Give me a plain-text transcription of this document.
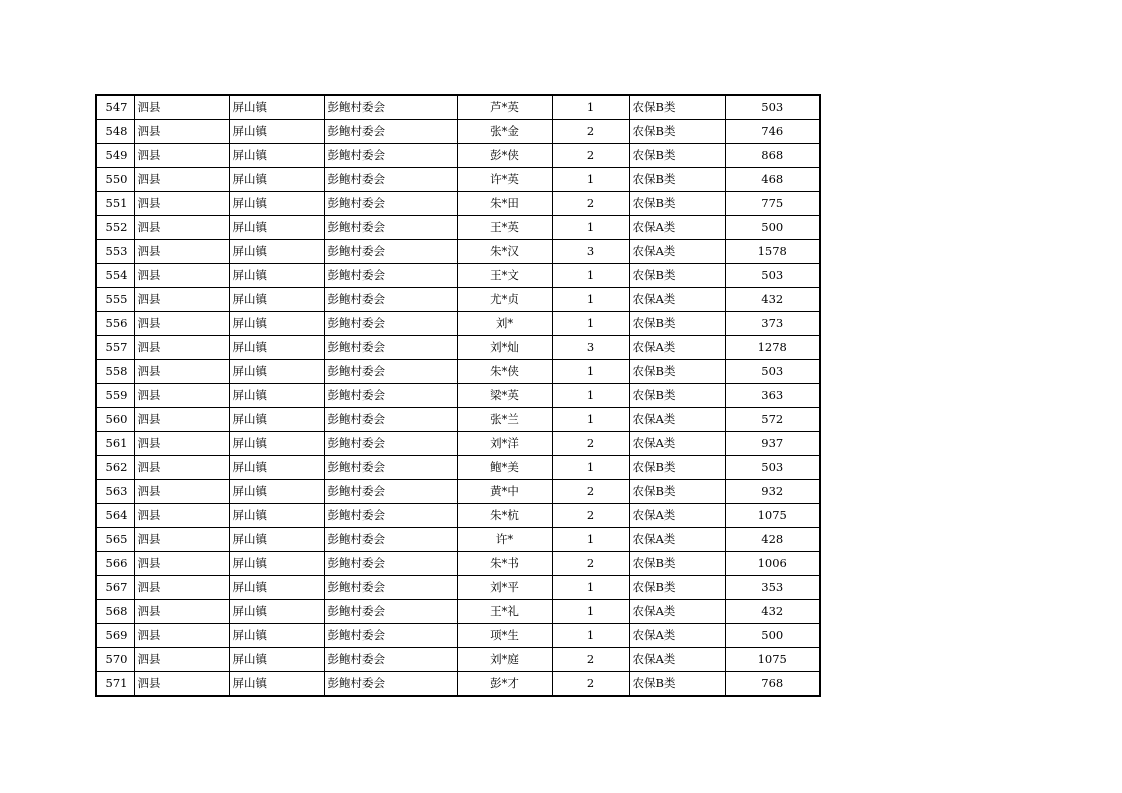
547	泗县	屏山镇	彭鲍村委会	芦*英	1	农保B类	503
548	泗县	屏山镇	彭鲍村委会	张*金	2	农保B类	746
549	泗县	屏山镇	彭鲍村委会	彭*侠	2	农保B类	868
550	泗县	屏山镇	彭鲍村委会	许*英	1	农保B类	468
551	泗县	屏山镇	彭鲍村委会	朱*田	2	农保B类	775
552	泗县	屏山镇	彭鲍村委会	王*英	1	农保A类	500
553	泗县	屏山镇	彭鲍村委会	朱*汉	3	农保A类	1578
554	泗县	屏山镇	彭鲍村委会	王*文	1	农保B类	503
555	泗县	屏山镇	彭鲍村委会	尤*贞	1	农保A类	432
556	泗县	屏山镇	彭鲍村委会	刘*	1	农保B类	373
557	泗县	屏山镇	彭鲍村委会	刘*灿	3	农保A类	1278
558	泗县	屏山镇	彭鲍村委会	朱*侠	1	农保B类	503
559	泗县	屏山镇	彭鲍村委会	梁*英	1	农保B类	363
560	泗县	屏山镇	彭鲍村委会	张*兰	1	农保A类	572
561	泗县	屏山镇	彭鲍村委会	刘*洋	2	农保A类	937
562	泗县	屏山镇	彭鲍村委会	鲍*美	1	农保B类	503
563	泗县	屏山镇	彭鲍村委会	黄*中	2	农保B类	932
564	泗县	屏山镇	彭鲍村委会	朱*杭	2	农保A类	1075
565	泗县	屏山镇	彭鲍村委会	许*	1	农保A类	428
566	泗县	屏山镇	彭鲍村委会	朱*书	2	农保B类	1006
567	泗县	屏山镇	彭鲍村委会	刘*平	1	农保B类	353
568	泗县	屏山镇	彭鲍村委会	王*礼	1	农保A类	432
569	泗县	屏山镇	彭鲍村委会	项*生	1	农保A类	500
570	泗县	屏山镇	彭鲍村委会	刘*庭	2	农保A类	1075
571	泗县	屏山镇	彭鲍村委会	彭*才	2	农保B类	768
